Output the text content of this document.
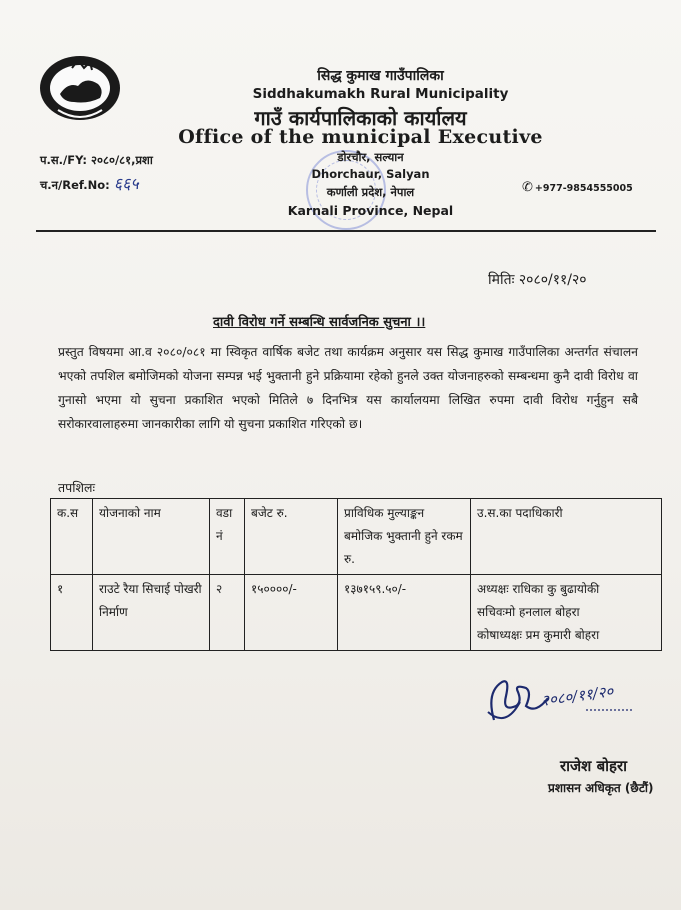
सिद्ध कुमाख गाउँपालिका
Siddhakumakh Rural Municipality
गाउँ कार्यपालिकाको कार्यालय
Office of the municipal Executive
डोरचौर, सल्यान
Dhorchaur, Salyan
कर्णाली प्रदेश, नेपाल
Karnali Province, Nepal
प.स./FY: २०८०/८१,प्रशा
च.न/Ref.No: ६६५	✆ +977-9854555005
मितिः २०८०/११/२०
दावी विरोध गर्ने सम्बन्धि सार्वजनिक सुचना ।।
प्रस्तुत विषयमा आ.व २०८०/०८१ मा स्विकृत वार्षिक बजेट तथा कार्यक्रम अनुसार यस सिद्ध कुमाख गाउँपालिका अन्तर्गत संचालन भएको तपशिल बमोजिमको योजना सम्पन्न भई भुक्तानी हुने प्रक्रियामा रहेको हुनले उक्त योजनाहरुको सम्बन्धमा कुनै दावी विरोध वा गुनासो भएमा यो सुचना प्रकाशित भएको मितिले ७ दिनभित्र यस कार्यालयमा लिखित रुपमा दावी विरोध गर्नुहुन सबै सरोकारवालाहरुमा जानकारीका लागि यो सुचना प्रकाशित गरिएको छ।
तपशिलः
क.स	योजनाको नाम	वडा नं	बजेट रु.	प्राविधिक मुल्याङ्कन बमोजिक भुक्तानी हुने रकम रु.	उ.स.का पदाधिकारी
१	राउटे रैया सिचाई पोखरी निर्माण	२	१५००००/-	१३७१५९.५०/-	अध्यक्षः राधिका कु बुढायोकी
सचिवःमो हनलाल बोहरा
कोषाध्यक्षः प्रम कुमारी बोहरा
२०८०/११/२०
राजेश बोहरा
प्रशासन अधिकृत (छैटौं)
